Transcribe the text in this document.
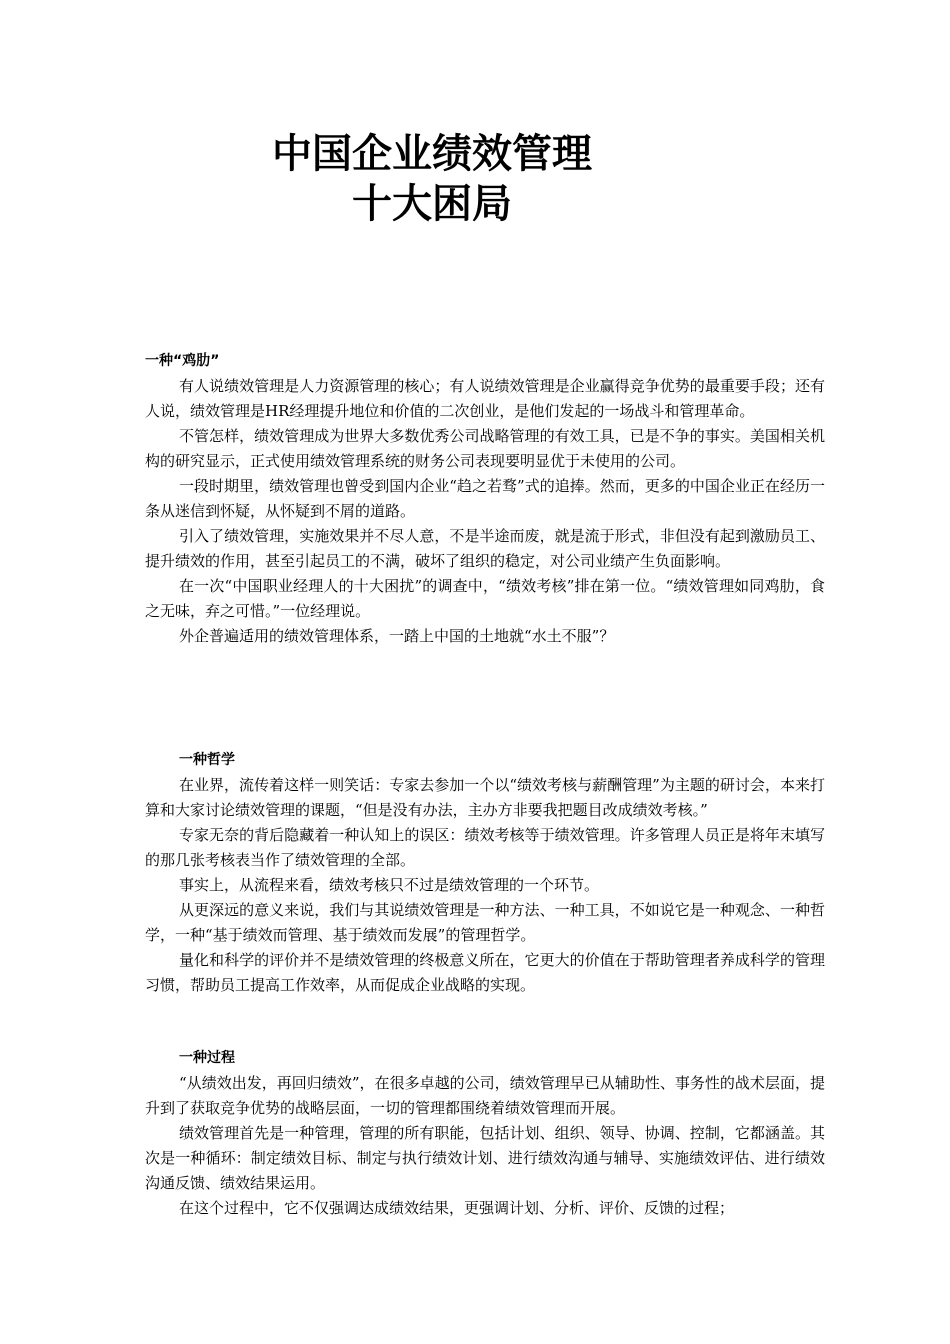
中国企业绩效管理
十大困局
一种“鸡肋”

有人说绩效管理是人力资源管理的核心；有人说绩效管理是企业赢得竞争优势的最重要手段；还有人说，绩效管理是HR经理提升地位和价值的二次创业，是他们发起的一场战斗和管理革命。

不管怎样，绩效管理成为世界大多数优秀公司战略管理的有效工具，已是不争的事实。美国相关机构的研究显示，正式使用绩效管理系统的财务公司表现要明显优于未使用的公司。

一段时期里，绩效管理也曾受到国内企业“趋之若骛”式的追捧。然而，更多的中国企业正在经历一条从迷信到怀疑，从怀疑到不屑的道路。

引入了绩效管理，实施效果并不尽人意，不是半途而废，就是流于形式，非但没有起到激励员工、提升绩效的作用，甚至引起员工的不满，破坏了组织的稳定，对公司业绩产生负面影响。

在一次“中国职业经理人的十大困扰”的调查中，“绩效考核”排在第一位。“绩效管理如同鸡肋，食之无味，弃之可惜。”一位经理说。

外企普遍适用的绩效管理体系，一踏上中国的土地就“水土不服”？

一种哲学

在业界，流传着这样一则笑话：专家去参加一个以“绩效考核与薪酬管理”为主题的研讨会，本来打算和大家讨论绩效管理的课题，“但是没有办法，主办方非要我把题目改成绩效考核。”

专家无奈的背后隐藏着一种认知上的误区：绩效考核等于绩效管理。许多管理人员正是将年末填写的那几张考核表当作了绩效管理的全部。

事实上，从流程来看，绩效考核只不过是绩效管理的一个环节。

从更深远的意义来说，我们与其说绩效管理是一种方法、一种工具，不如说它是一种观念、一种哲学，一种“基于绩效而管理、基于绩效而发展”的管理哲学。

量化和科学的评价并不是绩效管理的终极意义所在，它更大的价值在于帮助管理者养成科学的管理习惯，帮助员工提高工作效率，从而促成企业战略的实现。

一种过程

“从绩效出发，再回归绩效”，在很多卓越的公司，绩效管理早已从辅助性、事务性的战术层面，提升到了获取竞争优势的战略层面，一切的管理都围绕着绩效管理而开展。

绩效管理首先是一种管理，管理的所有职能，包括计划、组织、领导、协调、控制，它都涵盖。其次是一种循环：制定绩效目标、制定与执行绩效计划、进行绩效沟通与辅导、实施绩效评估、进行绩效沟通反馈、绩效结果运用。

在这个过程中，它不仅强调达成绩效结果，更强调计划、分析、评价、反馈的过程；
